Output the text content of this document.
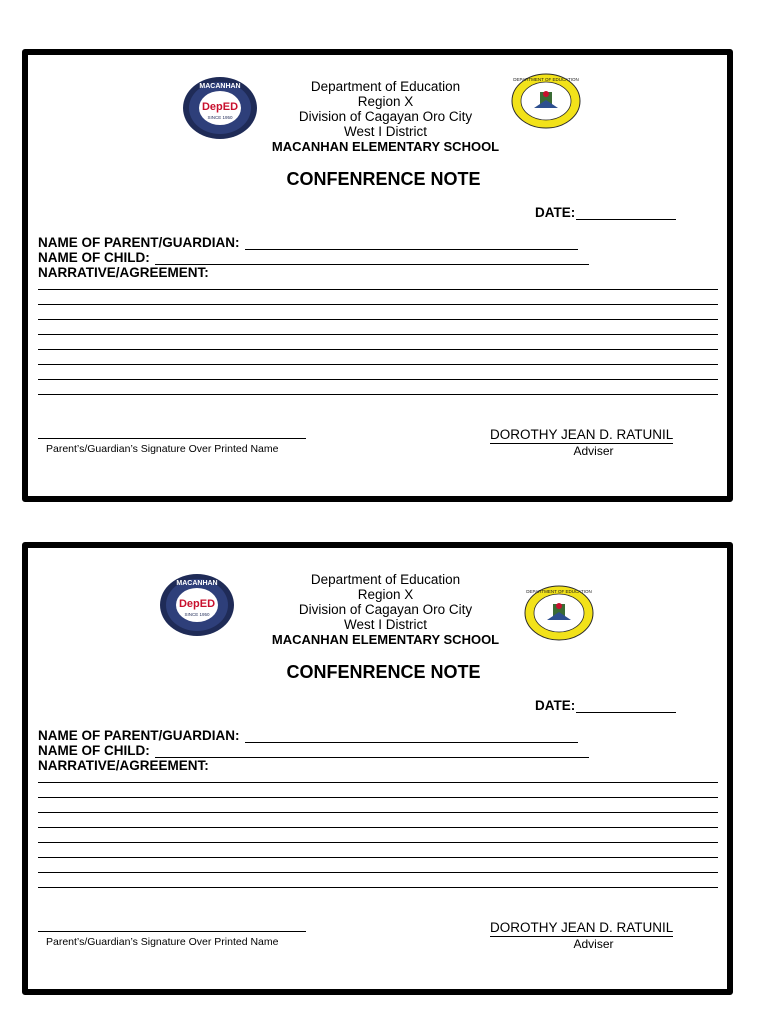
MACANHAN
DepED
SINCE 1950
Department of Education
Region X
Division of Cagayan Oro City
West I District
MACANHAN ELEMENTARY SCHOOL
DEPARTMENT OF EDUCATION
CONFENRENCE NOTE
DATE:
NAME OF PARENT/GUARDIAN:
NAME OF CHILD:
NARRATIVE/AGREEMENT:
Parent’s/Guardian’s Signature Over Printed Name
DOROTHY JEAN D. RATUNIL
Adviser
MACANHAN
DepED
SINCE 1950
Department of Education
Region X
Division of Cagayan Oro City
West I District
MACANHAN ELEMENTARY SCHOOL
DEPARTMENT OF EDUCATION
CONFENRENCE NOTE
DATE:
NAME OF PARENT/GUARDIAN:
NAME OF CHILD:
NARRATIVE/AGREEMENT:
Parent’s/Guardian’s Signature Over Printed Name
DOROTHY JEAN D. RATUNIL
Adviser
